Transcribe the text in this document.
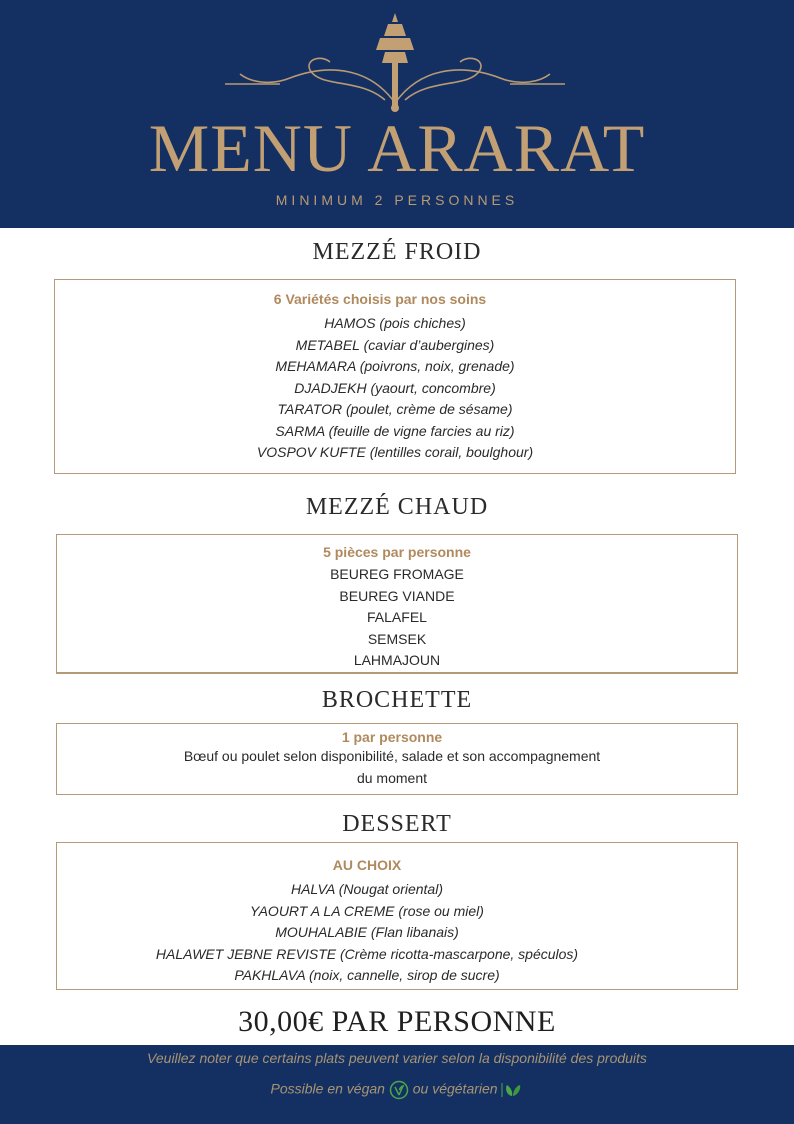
MENU ARARAT
MINIMUM 2 PERSONNES
MEZZÉ FROID
6 Variétés choisis par nos soins
HAMOS (pois chiches)
METABEL (caviar d’aubergines)
MEHAMARA (poivrons, noix, grenade)
DJADJEKH (yaourt, concombre)
TARATOR (poulet, crème de sésame)
SARMA (feuille de vigne farcies au riz)
VOSPOV KUFTE (lentilles corail, boulghour)
MEZZÉ CHAUD
5 pièces par personne
BEUREG FROMAGE
BEUREG VIANDE
FALAFEL
SEMSEK
LAHMAJOUN
BROCHETTE
1 par personne
Bœuf ou poulet selon disponibilité, salade et son accompagnement
du moment
DESSERT
AU CHOIX
HALVA (Nougat oriental)
YAOURT A LA CREME (rose ou miel)
MOUHALABIE (Flan libanais)
HALAWET JEBNE REVISTE (Crème ricotta-mascarpone, spéculos)
PAKHLAVA (noix, cannelle, sirop de sucre)
30,00€ PAR PERSONNE
Veuillez noter que certains plats peuvent varier selon la disponibilité des produits
Possible en végan ou végétarien
